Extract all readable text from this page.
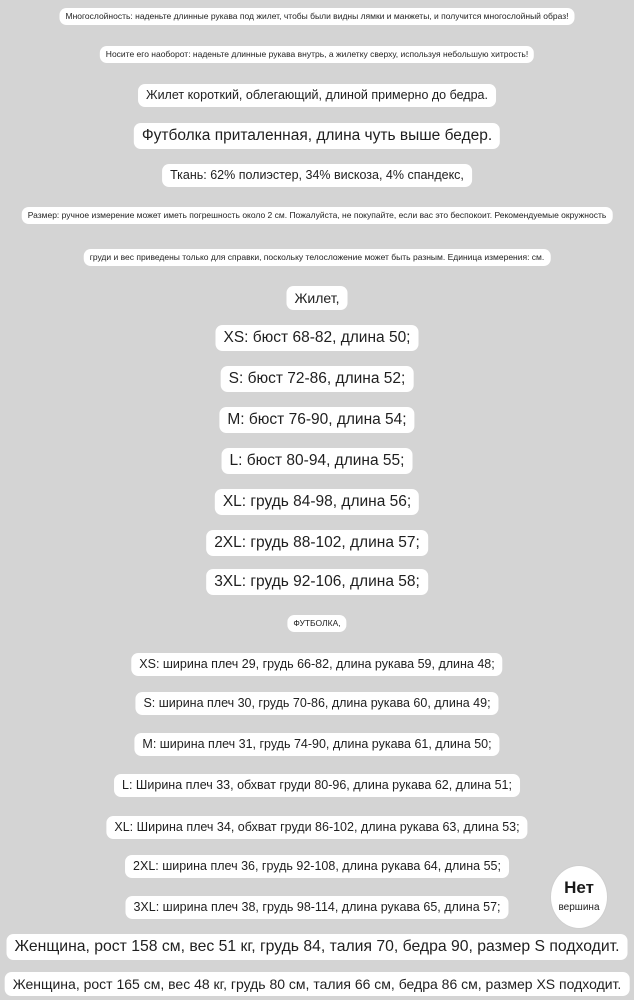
Многослойность: наденьте длинные рукава под жилет, чтобы были видны лямки и манжеты, и получится многослойный образ!
Носите его наоборот: наденьте длинные рукава внутрь, а жилетку сверху, используя небольшую хитрость!
Жилет короткий, облегающий, длиной примерно до бедра.
Футболка приталенная, длина чуть выше бедер.
Ткань: 62% полиэстер, 34% вискоза, 4% спандекс,
Размер: ручное измерение может иметь погрешность около 2 см. Пожалуйста, не покупайте, если вас это беспокоит. Рекомендуемые окружность
груди и вес приведены только для справки, поскольку телосложение может быть разным. Единица измерения: см.
Жилет,
XS: бюст 68-82, длина 50;
S: бюст 72-86, длина 52;
M: бюст 76-90, длина 54;
L: бюст 80-94, длина 55;
XL: грудь 84-98, длина 56;
2XL: грудь 88-102, длина 57;
3XL: грудь 92-106, длина 58;
ФУТБОЛКА,
XS: ширина плеч 29, грудь 66-82, длина рукава 59, длина 48;
S: ширина плеч 30, грудь 70-86, длина рукава 60, длина 49;
M: ширина плеч 31, грудь 74-90, длина рукава 61, длина 50;
L: Ширина плеч 33, обхват груди 80-96, длина рукава 62, длина 51;
XL: Ширина плеч 34, обхват груди 86-102, длина рукава 63, длина 53;
2XL: ширина плеч 36, грудь 92-108, длина рукава 64, длина 55;
3XL: ширина плеч 38, грудь 98-114, длина рукава 65, длина 57;
Женщина, рост 158 см, вес 51 кг, грудь 84, талия 70, бедра 90, размер S подходит.
Женщина, рост 165 см, вес 48 кг, грудь 80 см, талия 66 см, бедра 86 см, размер XS подходит.
Нет
вершина
